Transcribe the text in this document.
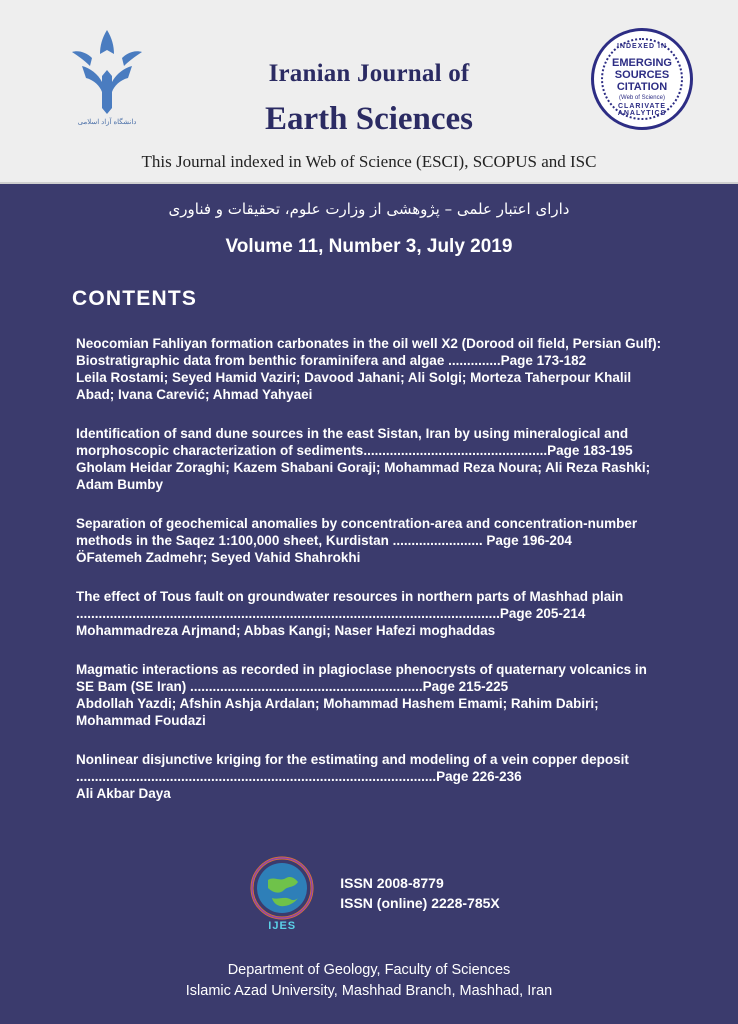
دانشگاه آزاد اسلامی
Iranian Journal of
Earth Sciences
This Journal indexed in Web of Science (ESCI), SCOPUS and ISC
INDEXED IN
EMERGING
SOURCES
CITATION
(Web of Science)
CLARIVATE ANALYTICS
دارای اعتبار علمی – پژوهشی از وزارت علوم، تحقیقات و فناوری
Volume 11, Number 3, July 2019
CONTENTS
Neocomian Fahliyan formation carbonates in the oil well X2 (Dorood oil field, Persian Gulf): Biostratigraphic data from benthic foraminifera and algae ..............Page 173-182
Leila Rostami; Seyed Hamid Vaziri; Davood Jahani; Ali Solgi; Morteza Taherpour Khalil Abad; Ivana Carević; Ahmad Yahyaei
Identification of sand dune sources in the east Sistan, Iran by using mineralogical and morphoscopic characterization of sediments.................................................Page 183-195
Gholam Heidar Zoraghi; Kazem Shabani Goraji; Mohammad Reza Noura; Ali Reza Rashki; Adam Bumby
Separation of geochemical anomalies by concentration-area and concentration-number methods in the Saqez 1:100,000 sheet, Kurdistan ........................ Page 196-204
ÖFatemeh Zadmehr; Seyed Vahid Shahrokhi
The effect of Tous fault on groundwater resources in northern parts of Mashhad plain .................................................................................................................Page 205-214
Mohammadreza Arjmand; Abbas Kangi; Naser Hafezi moghaddas
Magmatic interactions as recorded in plagioclase phenocrysts of quaternary volcanics in SE Bam (SE Iran) ..............................................................Page 215-225
Abdollah Yazdi; Afshin Ashja Ardalan; Mohammad Hashem Emami; Rahim Dabiri; Mohammad Foudazi
Nonlinear disjunctive kriging for the estimating and modeling of a vein copper deposit ................................................................................................Page 226-236
Ali Akbar Daya
IJES
ISSN 2008-8779
ISSN (online) 2228-785X
Department of Geology, Faculty of Sciences
Islamic Azad University, Mashhad Branch, Mashhad, Iran
